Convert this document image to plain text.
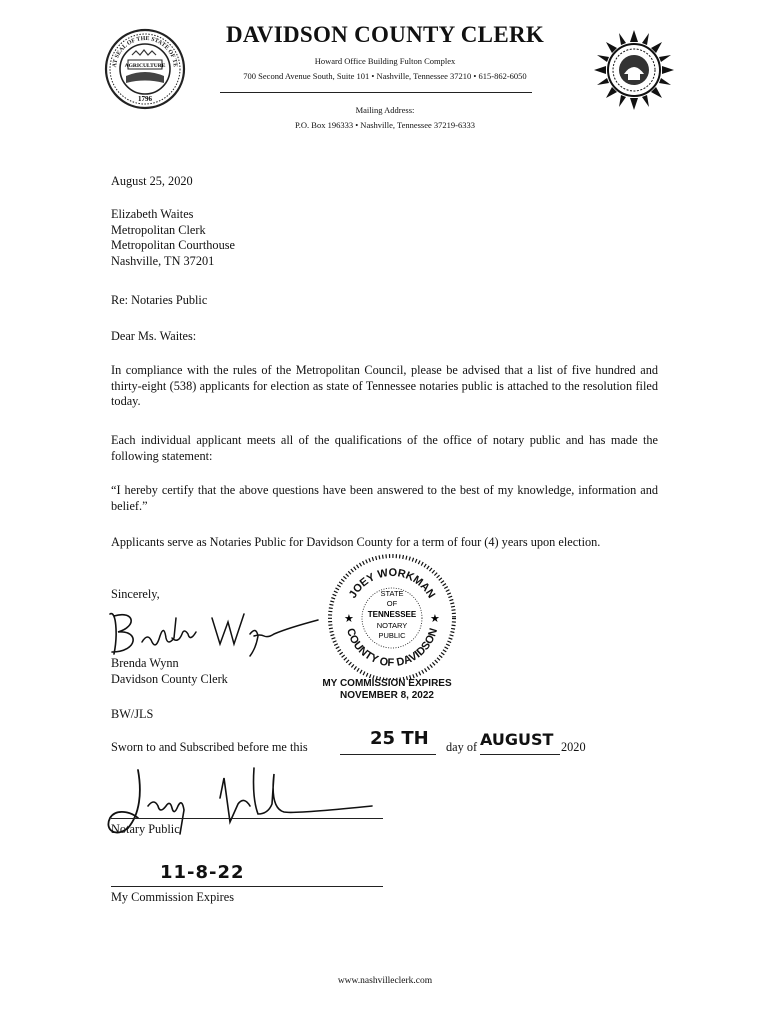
AT SEAL OF THE STATE OF TE
AGRICULTURE
1796
DAVIDSON COUNTY CLERK
Howard Office Building Fulton Complex
700 Second Avenue South, Suite 101 • Nashville, Tennessee 37210 • 615-862-6050
Mailing Address:
P.O. Box 196333 • Nashville, Tennessee 37219-6333
August 25, 2020
Elizabeth Waites
Metropolitan Clerk
Metropolitan Courthouse
Nashville, TN 37201
Re: Notaries Public
Dear Ms. Waites:
In compliance with the rules of the Metropolitan Council, please be advised that a list of five hundred and thirty-eight (538) applicants for election as state of Tennessee notaries public is attached to the resolution filed today.
Each individual applicant meets all of the qualifications of the office of notary public and has made the following statement:
“I hereby certify that the above questions have been answered to the best of my knowledge, information and belief.”
Applicants serve as Notaries Public for Davidson County for a term of four (4) years upon election.
Sincerely,
Brenda Wynn
Davidson County Clerk
BW/JLS
JOEY WORKMAN
COUNTY OF DAVIDSON
★	★
STATE
OF
TENNESSEE
NOTARY
PUBLIC
MY COMMISSION EXPIRES
NOVEMBER 8, 2022
Sworn to and Subscribed before me this	25 TH day of AUGUST 2020
Notary Public
11-8-22
My Commission Expires
www.nashvilleclerk.com
